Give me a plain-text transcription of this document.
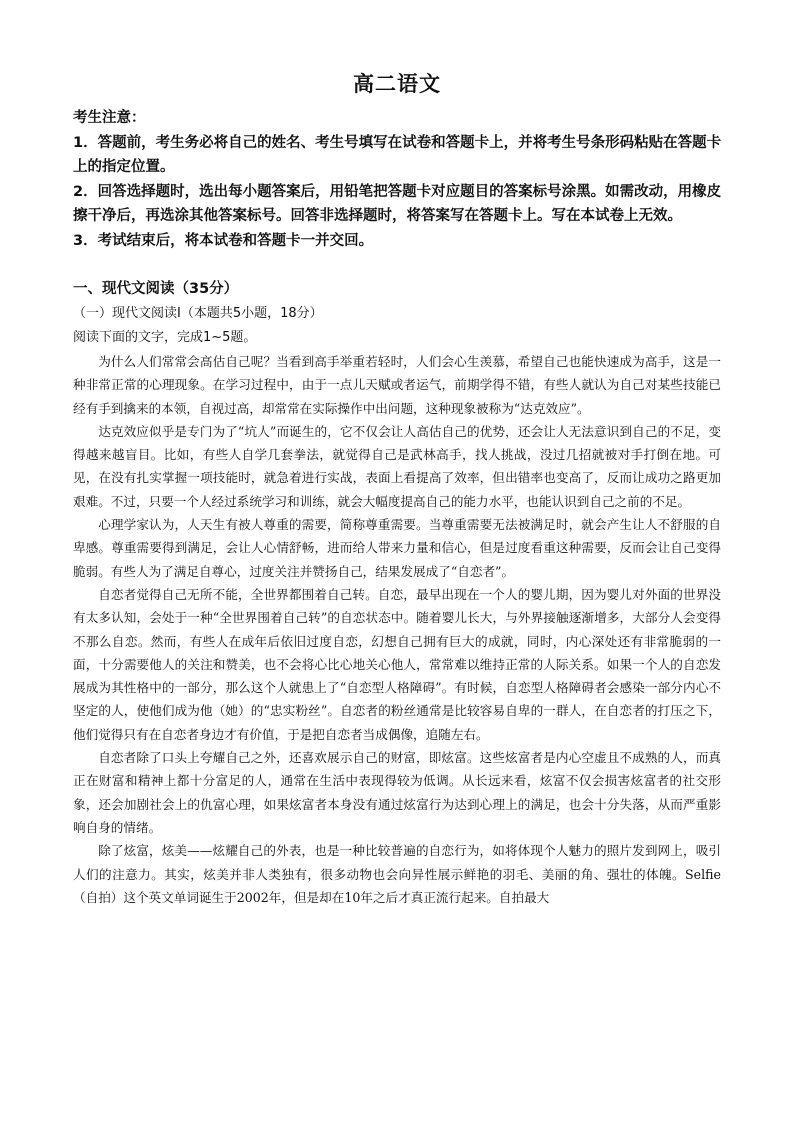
高二语文

考生注意：

1．答题前，考生务必将自己的姓名、考生号填写在试卷和答题卡上，并将考生号条形码粘贴在答题卡上的指定位置。

2．回答选择题时，选出每小题答案后，用铅笔把答题卡对应题目的答案标号涂黑。如需改动，用橡皮擦干净后，再选涂其他答案标号。回答非选择题时，将答案写在答题卡上。写在本试卷上无效。

3．考试结束后，将本试卷和答题卡一并交回。

一、现代文阅读（35分）
（一）现代文阅读Ⅰ（本题共5小题，18分）
阅读下面的文字，完成1~5题。

为什么人们常常会高估自己呢？当看到高手举重若轻时，人们会心生羡慕，希望自己也能快速成为高手，这是一种非常正常的心理现象。在学习过程中，由于一点儿天赋或者运气，前期学得不错，有些人就认为自己对某些技能已经有手到擒来的本领，自视过高，却常常在实际操作中出问题，这种现象被称为“达克效应”。

达克效应似乎是专门为了“坑人”而诞生的，它不仅会让人高估自己的优势，还会让人无法意识到自己的不足，变得越来越盲目。比如，有些人自学几套拳法，就觉得自己是武林高手，找人挑战，没过几招就被对手打倒在地。可见，在没有扎实掌握一项技能时，就急着进行实战，表面上看提高了效率，但出错率也变高了，反而让成功之路更加艰难。不过，只要一个人经过系统学习和训练，就会大幅度提高自己的能力水平，也能认识到自己之前的不足。

心理学家认为，人天生有被人尊重的需要，简称尊重需要。当尊重需要无法被满足时，就会产生让人不舒服的自卑感。尊重需要得到满足，会让人心情舒畅，进而给人带来力量和信心，但是过度看重这种需要，反而会让自己变得脆弱。有些人为了满足自尊心，过度关注并赞扬自己，结果发展成了“自恋者”。

自恋者觉得自己无所不能，全世界都围着自己转。自恋，最早出现在一个人的婴儿期，因为婴儿对外面的世界没有太多认知，会处于一种“全世界围着自己转”的自恋状态中。随着婴儿长大，与外界接触逐渐增多，大部分人会变得不那么自恋。然而，有些人在成年后依旧过度自恋，幻想自己拥有巨大的成就，同时，内心深处还有非常脆弱的一面，十分需要他人的关注和赞美，也不会将心比心地关心他人，常常难以维持正常的人际关系。如果一个人的自恋发展成为其性格中的一部分，那么这个人就患上了“自恋型人格障碍”。有时候，自恋型人格障碍者会感染一部分内心不坚定的人，使他们成为他（她）的“忠实粉丝”。自恋者的粉丝通常是比较容易自卑的一群人，在自恋者的打压之下，他们觉得只有在自恋者身边才有价值，于是把自恋者当成偶像，追随左右。

自恋者除了口头上夸耀自己之外，还喜欢展示自己的财富，即炫富。这些炫富者是内心空虚且不成熟的人，而真正在财富和精神上都十分富足的人，通常在生活中表现得较为低调。从长远来看，炫富不仅会损害炫富者的社交形象，还会加剧社会上的仇富心理，如果炫富者本身没有通过炫富行为达到心理上的满足，也会十分失落，从而严重影响自身的情绪。

除了炫富，炫美——炫耀自己的外表，也是一种比较普遍的自恋行为，如将体现个人魅力的照片发到网上，吸引人们的注意力。其实，炫美并非人类独有，很多动物也会向异性展示鲜艳的羽毛、美丽的角、强壮的体魄。Selfie（自拍）这个英文单词诞生于2002年，但是却在10年之后才真正流行起来。自拍最大
